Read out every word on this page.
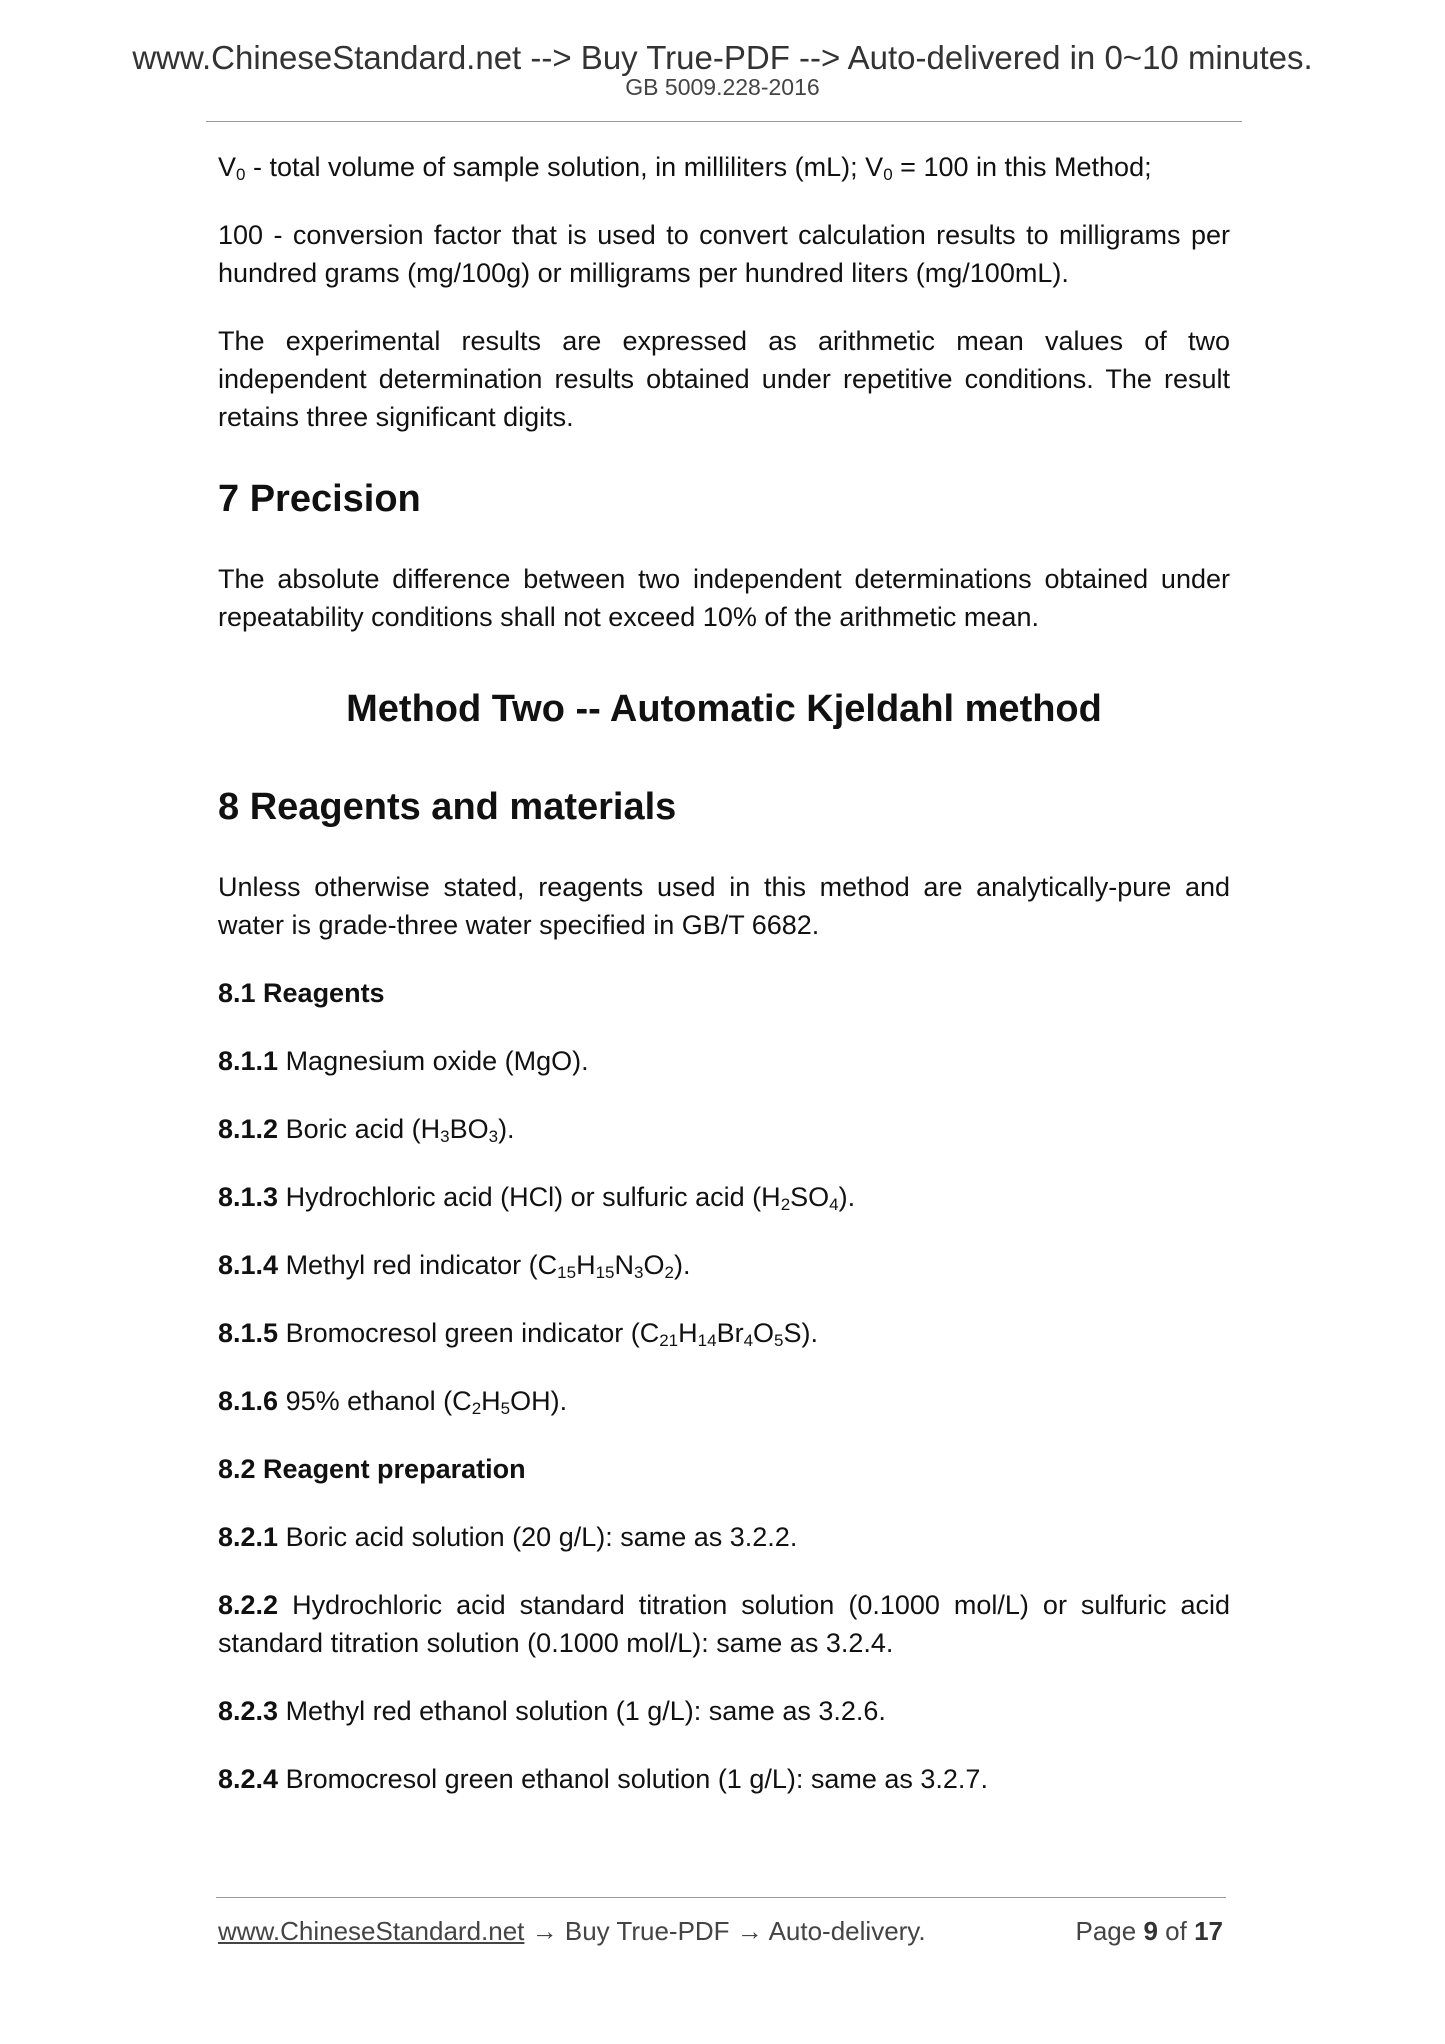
www.ChineseStandard.net --> Buy True-PDF --> Auto-delivered in 0~10 minutes.
GB 5009.228-2016

$V_0$ - total volume of sample solution, in milliliters (mL); $V_0 = 100$ in this Method;

100 - conversion factor that is used to convert calculation results to milligrams per hundred grams (mg/100g) or milligrams per hundred liters (mg/100mL).

The experimental results are expressed as arithmetic mean values of two independent determination results obtained under repetitive conditions. The result retains three significant digits.

7 Precision

The absolute difference between two independent determinations obtained under repeatability conditions shall not exceed 10% of the arithmetic mean.

Method Two -- Automatic Kjeldahl method
8 Reagents and materials

Unless otherwise stated, reagents used in this method are analytically-pure and water is grade-three water specified in GB/T 6682.

8.1 Reagents

8.1.1 Magnesium oxide (MgO).

8.1.2 Boric acid $(H_3BO_3)$.

8.1.3 Hydrochloric acid (HCl) or sulfuric acid $(H_2SO_4)$.

8.1.4 Methyl red indicator $(C_{15}H_{15}N_3O_2)$.

8.1.5 Bromocresol green indicator $(C_{21}H_{14}Br_4O_5S)$.

8.1.6 95% ethanol $(C_2H_5OH)$.

8.2 Reagent preparation

8.2.1 Boric acid solution (20 g/L): same as 3.2.2.

8.2.2 Hydrochloric acid standard titration solution (0.1000 mol/L) or sulfuric acid standard titration solution (0.1000 mol/L): same as 3.2.4.

8.2.3 Methyl red ethanol solution (1 g/L): same as 3.2.6.

8.2.4 Bromocresol green ethanol solution (1 g/L): same as 3.2.7.

www.ChineseStandard.net → Buy True-PDF → Auto-delivery.	Page 9 of 17
